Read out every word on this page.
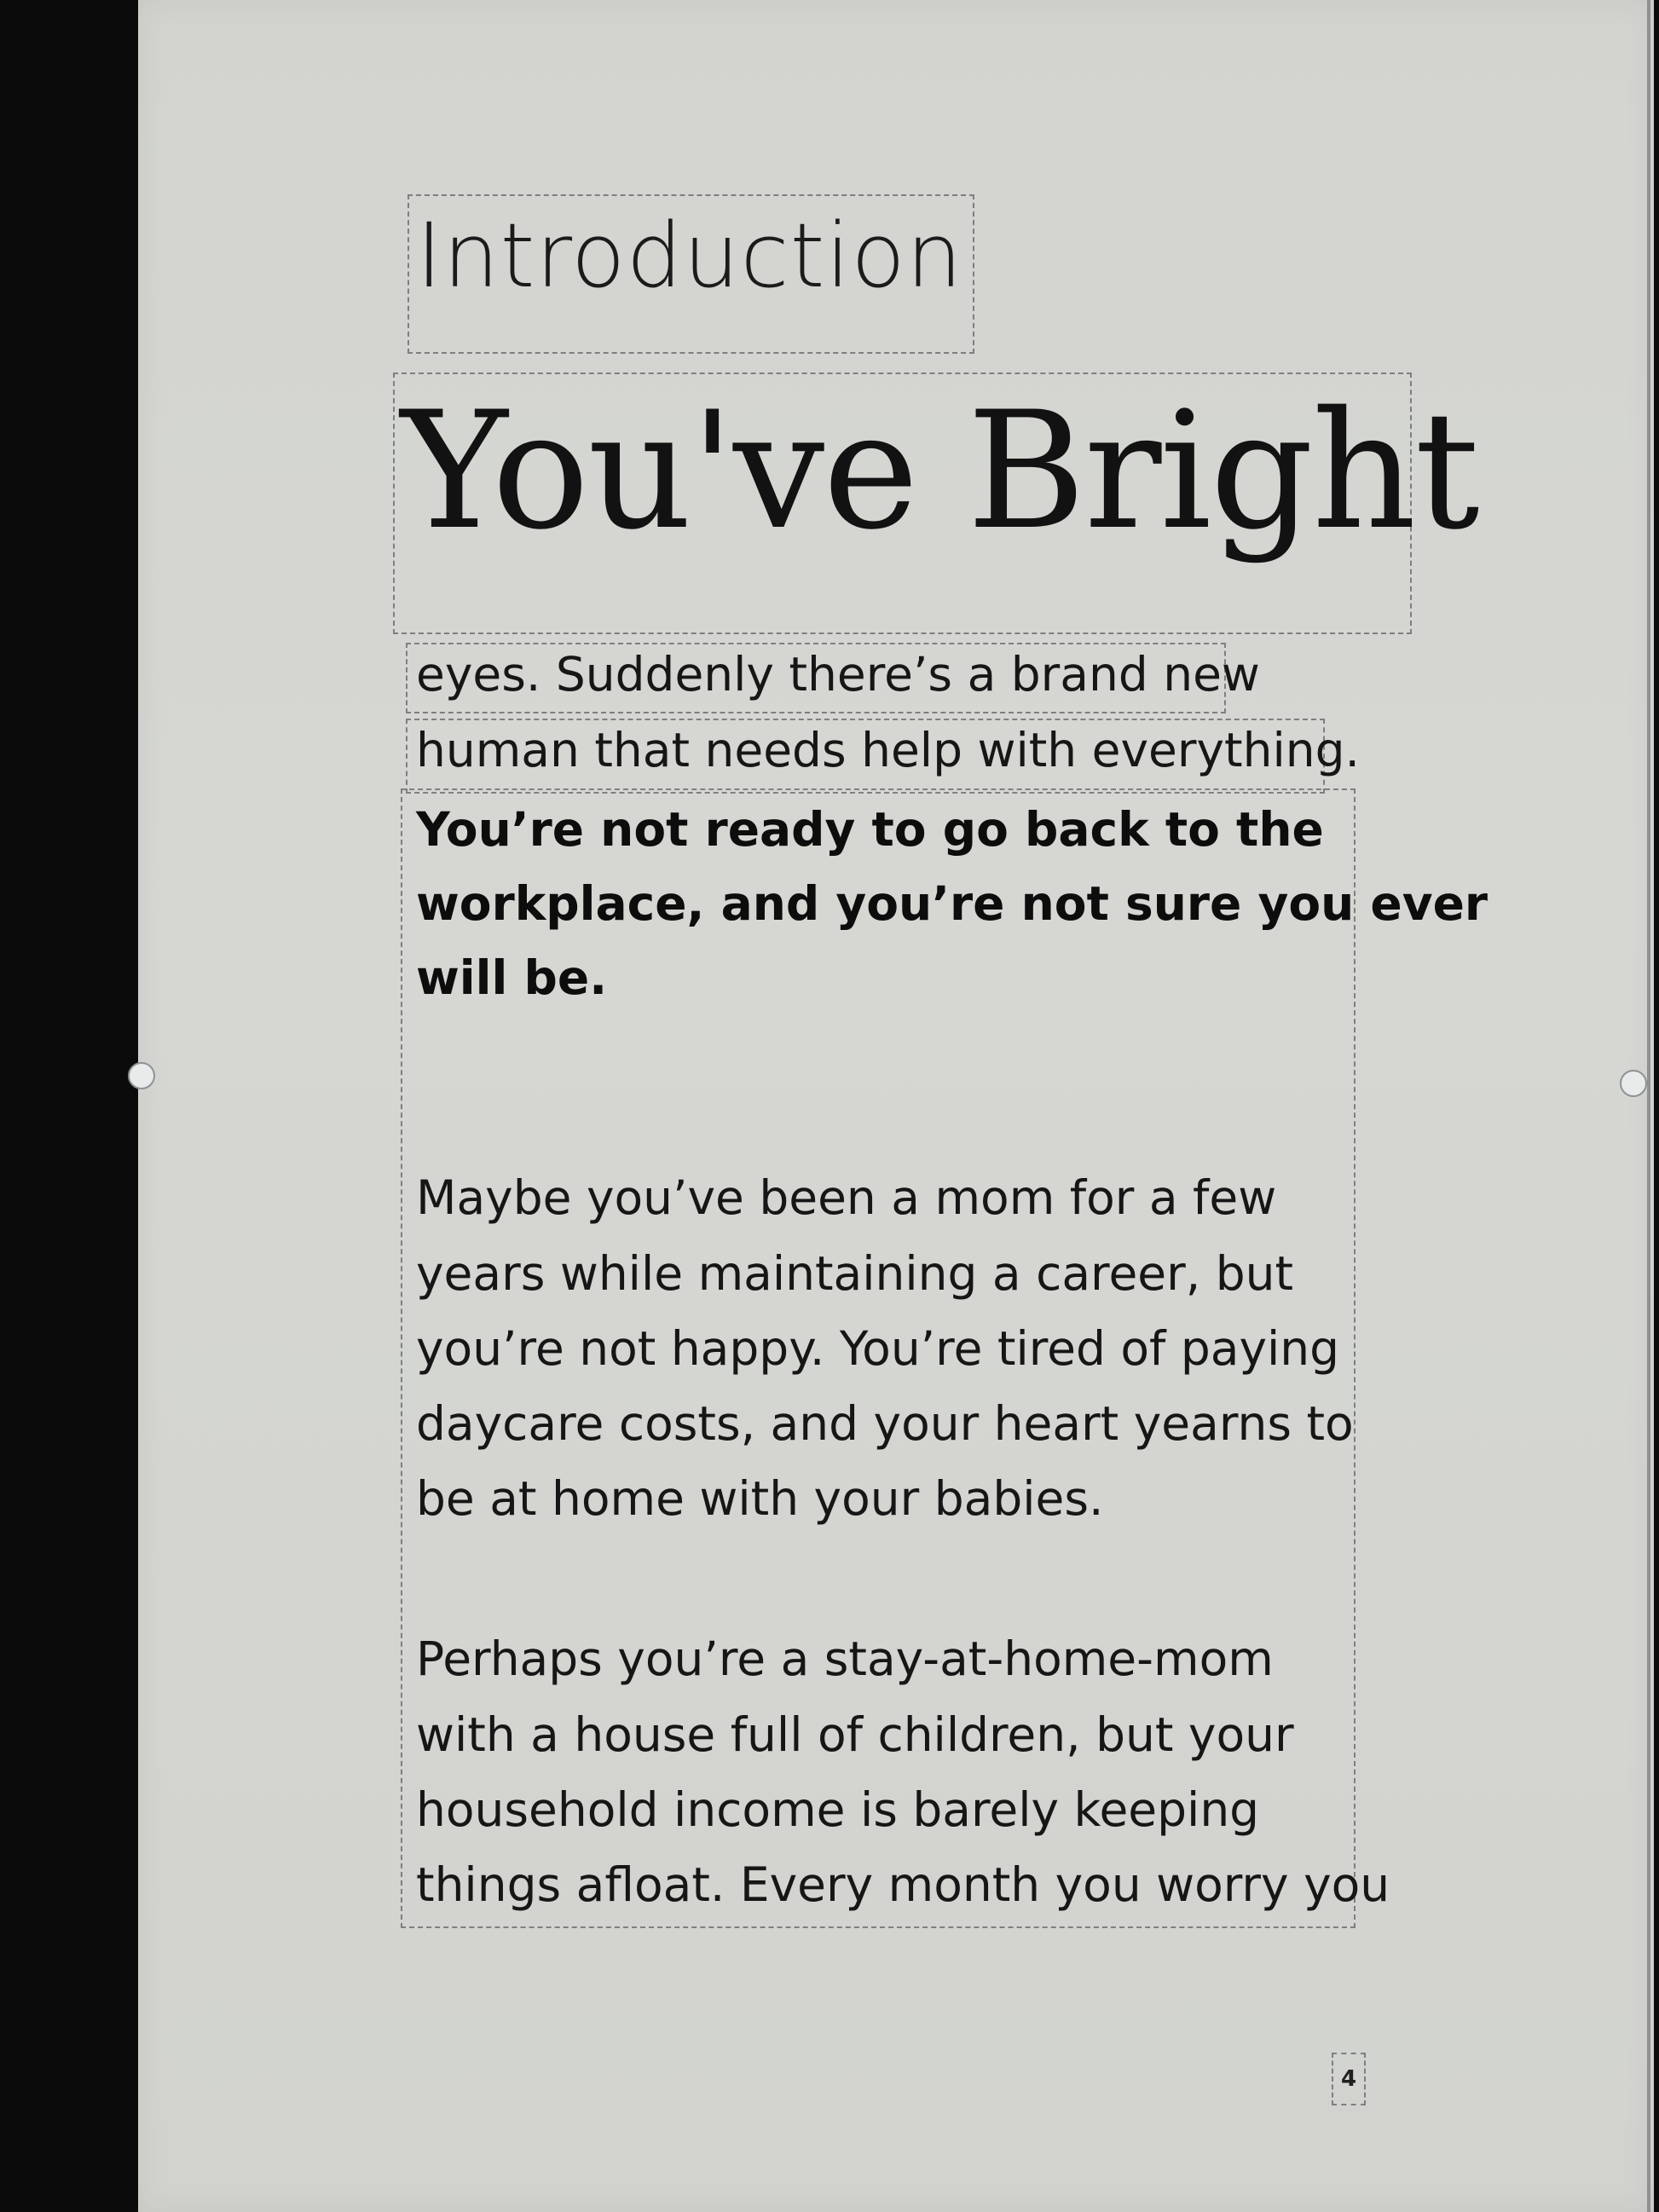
Introduction
You've Bright
eyes. Suddenly there’s a brand new
human that needs help with everything.
You’re not ready to go back to the
workplace, and you’re not sure you ever
will be.
Maybe you’ve been a mom for a few
years while maintaining a career, but
you’re not happy. You’re tired of paying
daycare costs, and your heart yearns to
be at home with your babies.
Perhaps you’re a stay-at-home-mom
with a house full of children, but your
household income is barely keeping
things afloat. Every month you worry you
4
